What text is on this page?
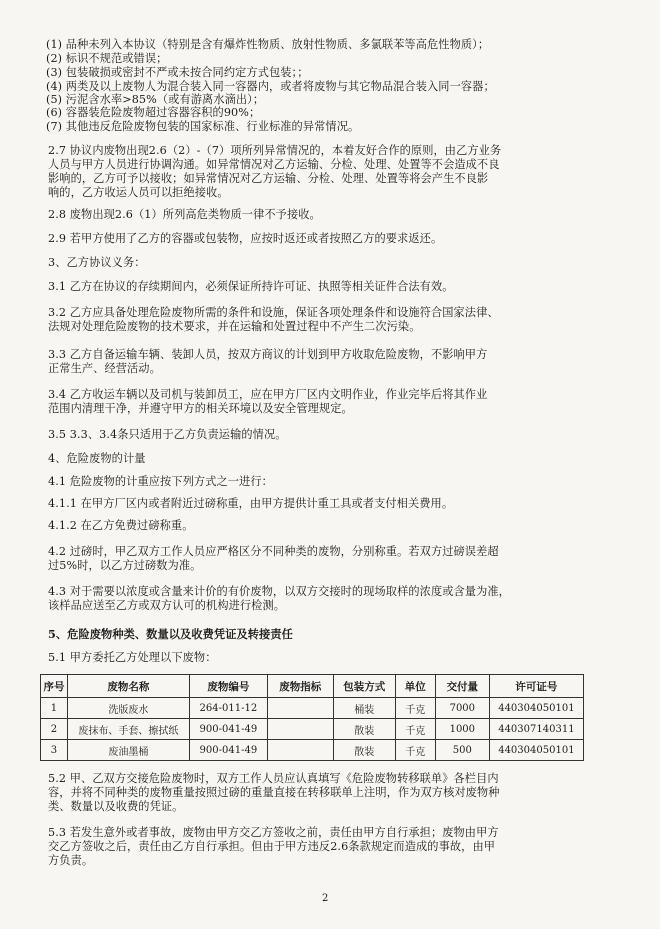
(1) 品种未列入本协议（特别是含有爆炸性物质、放射性物质、多氯联苯等高危性物质）；
(2) 标识不规范或错误；
(3) 包装破损或密封不严或未按合同约定方式包装；；
(4) 两类及以上废物人为混合装入同一容器内，或者将废物与其它物品混合装入同一容器；
(5) 污泥含水率>85%（或有游离水滴出）；
(6) 容器装危险废物超过容器容积的90%；
(7) 其他违反危险废物包装的国家标准、行业标准的异常情况。
2.7 协议内废物出现2.6（2）-（7）项所列异常情况的，本着友好合作的原则，由乙方业务
人员与甲方人员进行协调沟通。如异常情况对乙方运输、分检、处理、处置等不会造成不良
影响的，乙方可予以接收；如异常情况对乙方运输、分检、处理、处置等将会产生不良影
响的，乙方收运人员可以拒绝接收。
2.8 废物出现2.6（1）所列高危类物质一律不予接收。
2.9 若甲方使用了乙方的容器或包装物，应按时返还或者按照乙方的要求返还。
3、乙方协议义务：
3.1 乙方在协议的存续期间内，必须保证所持许可证、执照等相关证件合法有效。
3.2 乙方应具备处理危险废物所需的条件和设施，保证各项处理条件和设施符合国家法律、
法规对处理危险废物的技术要求，并在运输和处置过程中不产生二次污染。
3.3 乙方自备运输车辆、装卸人员，按双方商议的计划到甲方收取危险废物，不影响甲方
正常生产、经营活动。
3.4 乙方收运车辆以及司机与装卸员工，应在甲方厂区内文明作业，作业完毕后将其作业
范围内清理干净，并遵守甲方的相关环境以及安全管理规定。
3.5 3.3、3.4条只适用于乙方负责运输的情况。
4、危险废物的计量
4.1 危险废物的计重应按下列方式之一进行：
4.1.1 在甲方厂区内或者附近过磅称重，由甲方提供计重工具或者支付相关费用。
4.1.2 在乙方免费过磅称重。
4.2 过磅时，甲乙双方工作人员应严格区分不同种类的废物，分别称重。若双方过磅误差超
过5%时，以乙方过磅数为准。
4.3 对于需要以浓度或含量来计价的有价废物，以双方交接时的现场取样的浓度或含量为准，
该样品应送至乙方或双方认可的机构进行检测。
5、危险废物种类、数量以及收费凭证及转接责任
5.1 甲方委托乙方处理以下废物：
序号	废物名称	废物编号	废物指标	包装方式	单位	交付量	许可证号
1	洗版废水	264-011-12		桶装	千克	7000	440304050101
2	废抹布、手套、擦拭纸	900-041-49		散装	千克	1000	440307140311
3	废油墨桶	900-041-49		散装	千克	500	440304050101
5.2 甲、乙双方交接危险废物时，双方工作人员应认真填写《危险废物转移联单》各栏目内
容，并将不同种类的废物重量按照过磅的重量直接在转移联单上注明，作为双方核对废物种
类、数量以及收费的凭证。
5.3 若发生意外或者事故，废物由甲方交乙方签收之前，责任由甲方自行承担；废物由甲方
交乙方签收之后，责任由乙方自行承担。但由于甲方违反2.6条款规定而造成的事故，由甲
方负责。
2
